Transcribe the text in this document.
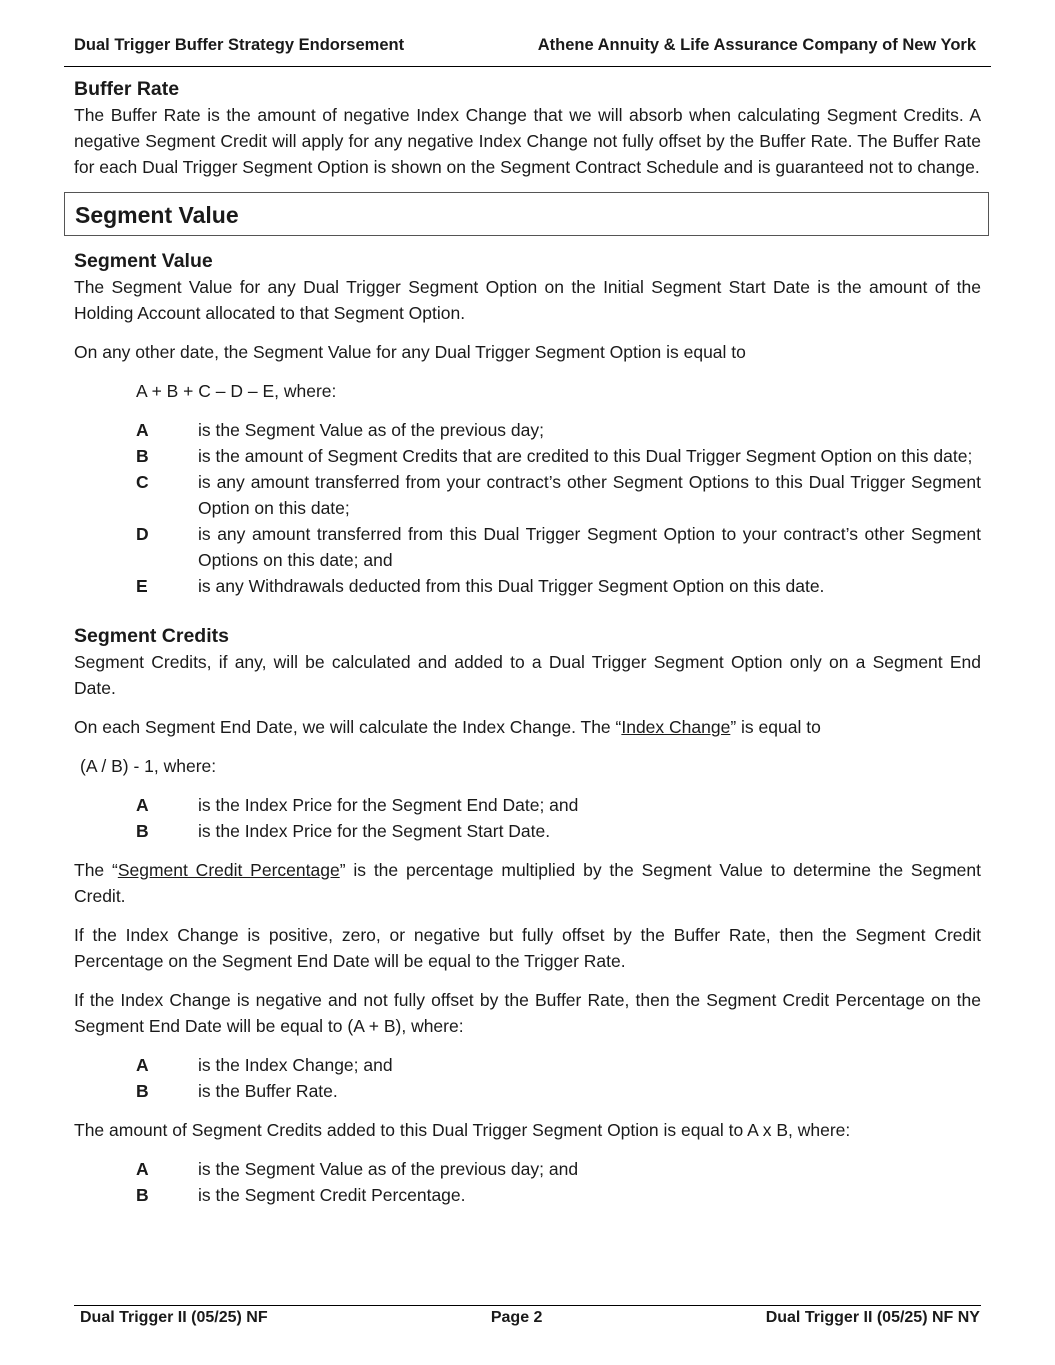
Dual Trigger Buffer Strategy Endorsement	Athene Annuity & Life Assurance Company of New York
Buffer Rate

The Buffer Rate is the amount of negative Index Change that we will absorb when calculating Segment Credits. A negative Segment Credit will apply for any negative Index Change not fully offset by the Buffer Rate. The Buffer Rate for each Dual Trigger Segment Option is shown on the Segment Contract Schedule and is guaranteed not to change.

Segment Value
Segment Value

The Segment Value for any Dual Trigger Segment Option on the Initial Segment Start Date is the amount of the Holding Account allocated to that Segment Option.

On any other date, the Segment Value for any Dual Trigger Segment Option is equal to

A + B + C – D – E, where:
A	is the Segment Value as of the previous day;
B	is the amount of Segment Credits that are credited to this Dual Trigger Segment Option on this date;
C	is any amount transferred from your contract’s other Segment Options to this Dual Trigger Segment Option on this date;
D	is any amount transferred from this Dual Trigger Segment Option to your contract’s other Segment Options on this date; and
E	is any Withdrawals deducted from this Dual Trigger Segment Option on this date.
Segment Credits

Segment Credits, if any, will be calculated and added to a Dual Trigger Segment Option only on a Segment End Date.

On each Segment End Date, we will calculate the Index Change. The “Index Change” is equal to

(A / B) - 1, where:
A	is the Index Price for the Segment End Date; and
B	is the Index Price for the Segment Start Date.

The “Segment Credit Percentage” is the percentage multiplied by the Segment Value to determine the Segment Credit.

If the Index Change is positive, zero, or negative but fully offset by the Buffer Rate, then the Segment Credit Percentage on the Segment End Date will be equal to the Trigger Rate.

If the Index Change is negative and not fully offset by the Buffer Rate, then the Segment Credit Percentage on the Segment End Date will be equal to (A + B), where:

A	is the Index Change; and
B	is the Buffer Rate.

The amount of Segment Credits added to this Dual Trigger Segment Option is equal to A x B, where:

A	is the Segment Value as of the previous day; and
B	is the Segment Credit Percentage.
Dual Trigger II (05/25) NF	Page 2	Dual Trigger II (05/25) NF NY
